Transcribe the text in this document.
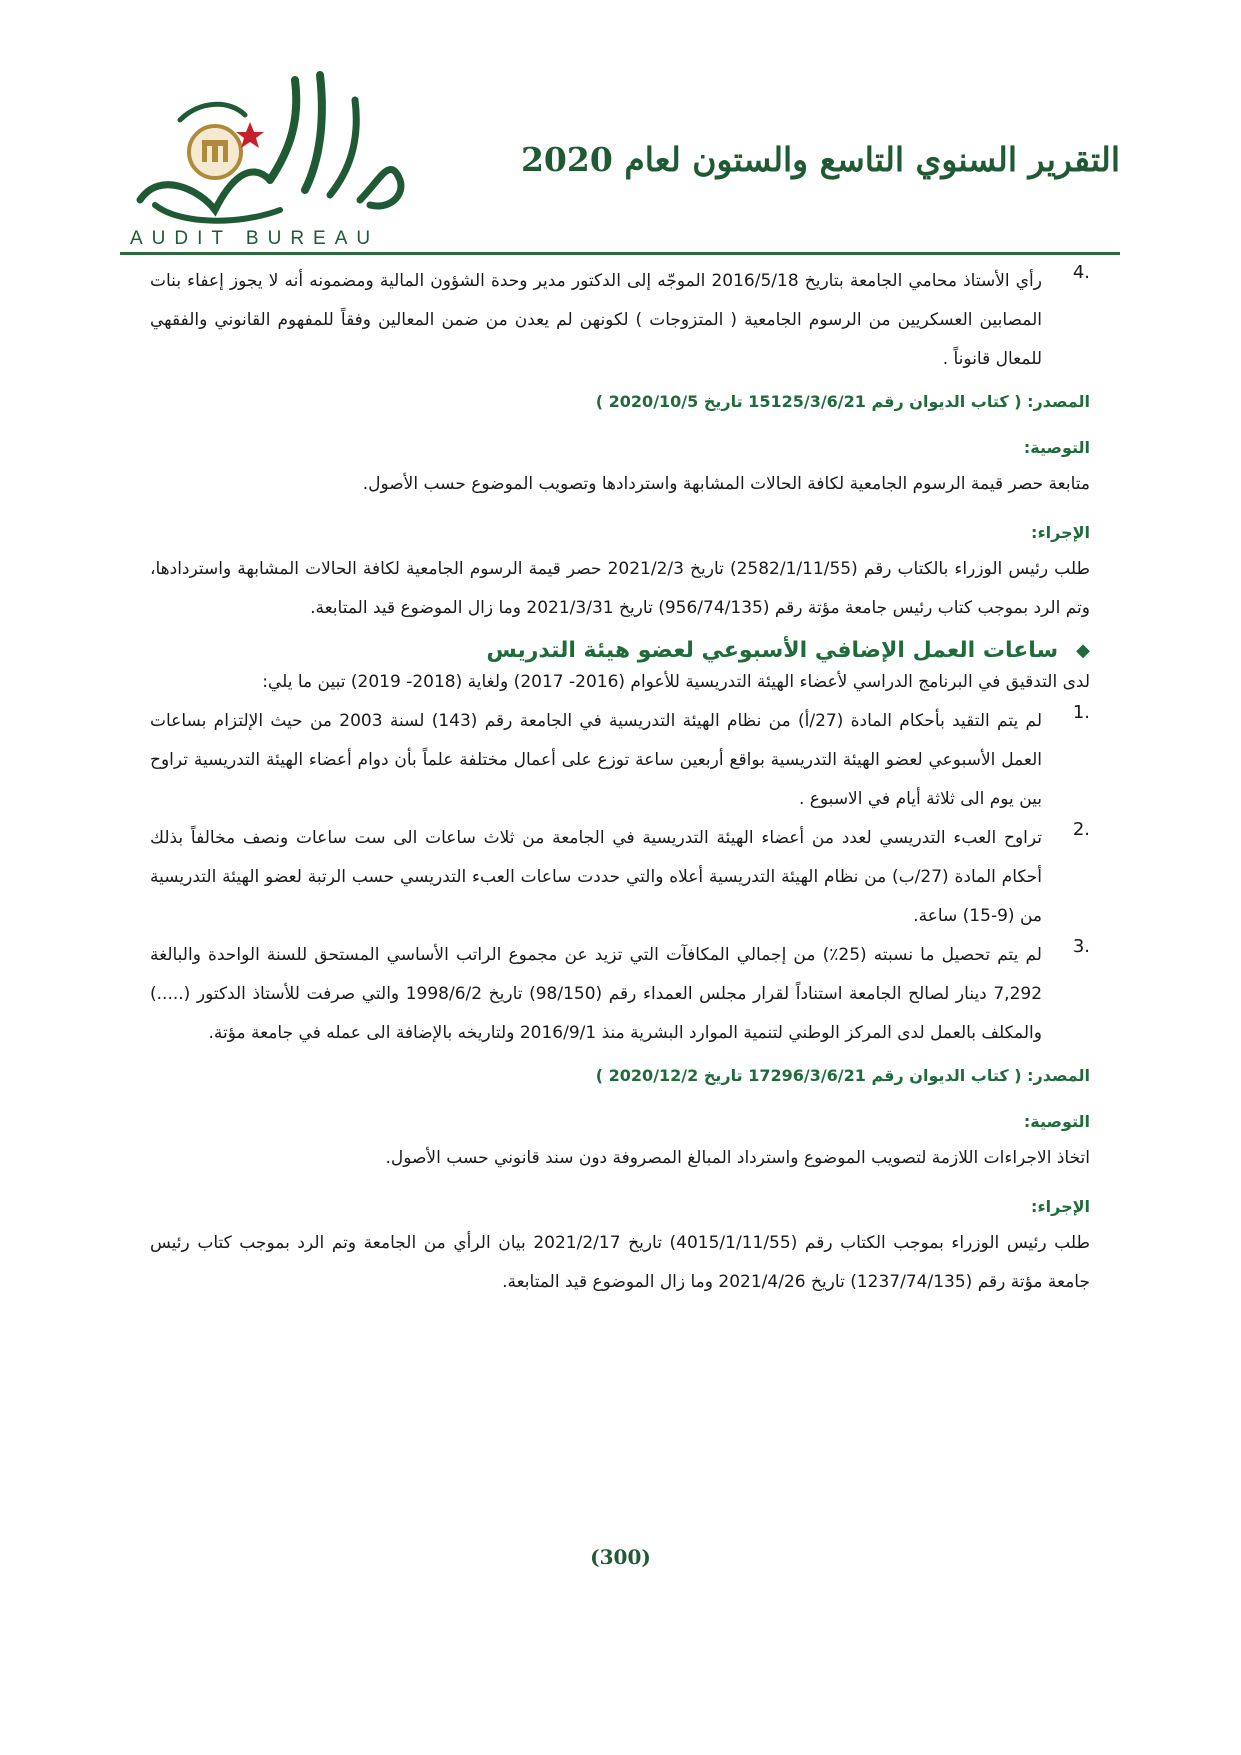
التقرير السنوي التاسع والستون لعام 2020
AUDIT BUREAU
4.

رأي الأستاذ محامي الجامعة بتاريخ 2016/5/18 الموجّه إلى الدكتور مدير وحدة الشؤون المالية ومضمونه أنه لا يجوز إعفاء بنات المصابين العسكريين من الرسوم الجامعية ( المتزوجات ) لكونهن لم يعدن من ضمن المعالين وفقاً للمفهوم القانوني والفقهي للمعال قانوناً .

المصدر: ( كتاب الديوان رقم 15125/3/6/21 تاريخ 2020/10/5 )

التوصية:

متابعة حصر قيمة الرسوم الجامعية لكافة الحالات المشابهة واستردادها وتصويب الموضوع حسب الأصول.

الإجراء:

طلب رئيس الوزراء بالكتاب رقم (2582/1/11/55) تاريخ 2021/2/3 حصر قيمة الرسوم الجامعية لكافة الحالات المشابهة واستردادها، وتم الرد بموجب كتاب رئيس جامعة مؤتة رقم (956/74/135) تاريخ 2021/3/31 وما زال الموضوع قيد المتابعة.

◆
ساعات العمل الإضافي الأسبوعي لعضو هيئة التدريس

لدى التدقيق في البرنامج الدراسي لأعضاء الهيئة التدريسية للأعوام (2016- 2017) ولغاية (2018- 2019) تبين ما يلي:

1.

لم يتم التقيد بأحكام المادة (27/أ) من نظام الهيئة التدريسية في الجامعة رقم (143) لسنة 2003 من حيث الإلتزام بساعات العمل الأسبوعي لعضو الهيئة التدريسية بواقع أربعين ساعة توزع على أعمال مختلفة علماً بأن دوام أعضاء الهيئة التدريسية تراوح بين يوم الى ثلاثة أيام في الاسبوع .

2.

تراوح العبء التدريسي لعدد من أعضاء الهيئة التدريسية في الجامعة من ثلاث ساعات الى ست ساعات ونصف مخالفاً بذلك أحكام المادة (27/ب) من نظام الهيئة التدريسية أعلاه والتي حددت ساعات العبء التدريسي حسب الرتبة لعضو الهيئة التدريسية من (9-15) ساعة.

3.

لم يتم تحصيل ما نسبته (25٪) من إجمالي المكافآت التي تزيد عن مجموع الراتب الأساسي المستحق للسنة الواحدة والبالغة 7,292 دينار لصالح الجامعة استناداً لقرار مجلس العمداء رقم (98/150) تاريخ 1998/6/2 والتي صرفت للأستاذ الدكتور (.....) والمكلف بالعمل لدى المركز الوطني لتنمية الموارد البشرية منذ 2016/9/1 ولتاريخه بالإضافة الى عمله في جامعة مؤتة.

المصدر: ( كتاب الديوان رقم 17296/3/6/21 تاريخ 2020/12/2 )

التوصية:

اتخاذ الاجراءات اللازمة لتصويب الموضوع واسترداد المبالغ المصروفة دون سند قانوني حسب الأصول.

الإجراء:

طلب رئيس الوزراء بموجب الكتاب رقم (4015/1/11/55) تاريخ 2021/2/17 بيان الرأي من الجامعة وتم الرد بموجب كتاب رئيس جامعة مؤتة رقم (1237/74/135) تاريخ 2021/4/26 وما زال الموضوع قيد المتابعة.

(300)
